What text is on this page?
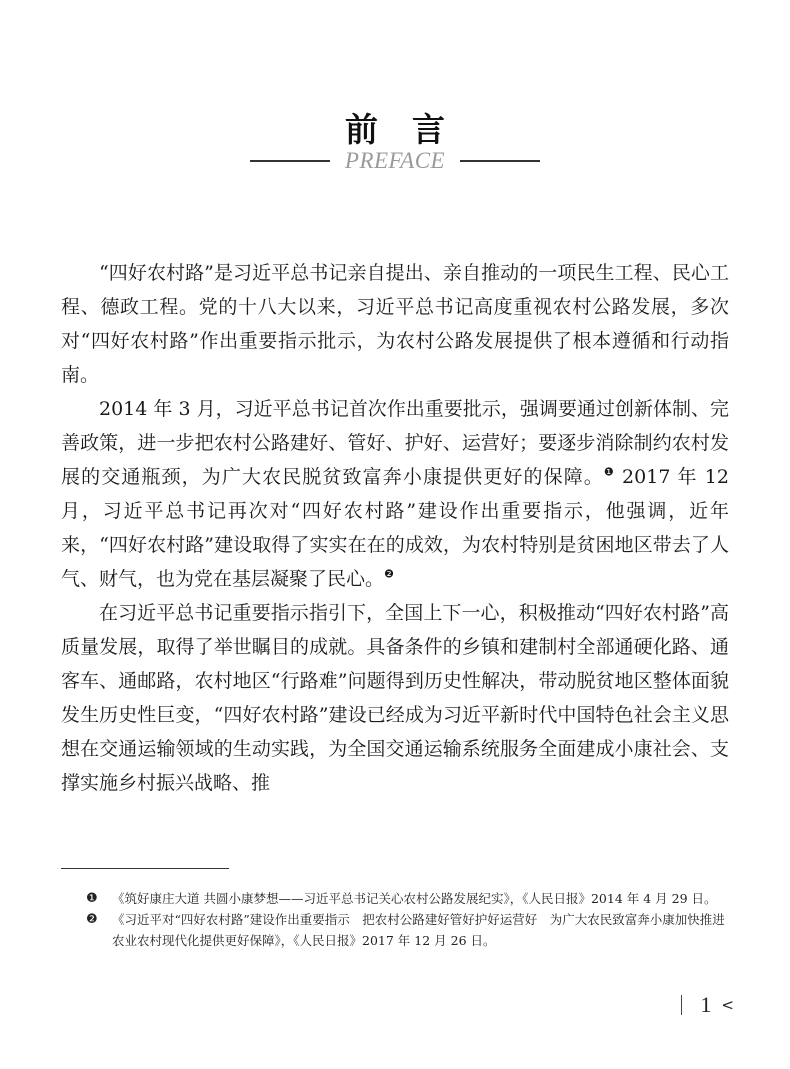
前言
PREFACE

“四好农村路”是习近平总书记亲自提出、亲自推动的一项民生工程、民心工程、德政工程。党的十八大以来，习近平总书记高度重视农村公路发展，多次对“四好农村路”作出重要指示批示，为农村公路发展提供了根本遵循和行动指南。

2014 年 3 月，习近平总书记首次作出重要批示，强调要通过创新体制、完善政策，进一步把农村公路建好、管好、护好、运营好；要逐步消除制约农村发展的交通瓶颈，为广大农民脱贫致富奔小康提供更好的保障。$^❶$ 2017 年 12 月，习近平总书记再次对“四好农村路”建设作出重要指示，他强调，近年来，“四好农村路”建设取得了实实在在的成效，为农村特别是贫困地区带去了人气、财气，也为党在基层凝聚了民心。$^❷$

在习近平总书记重要指示指引下，全国上下一心，积极推动“四好农村路”高质量发展，取得了举世瞩目的成就。具备条件的乡镇和建制村全部通硬化路、通客车、通邮路，农村地区“行路难”问题得到历史性解决，带动脱贫地区整体面貌发生历史性巨变，“四好农村路”建设已经成为习近平新时代中国特色社会主义思想在交通运输领域的生动实践，为全国交通运输系统服务全面建成小康社会、支撑实施乡村振兴战略、推

❶ 《筑好康庄大道 共圆小康梦想——习近平总书记关心农村公路发展纪实》，《人民日报》2014 年 4 月 29 日。
❷ 《习近平对“四好农村路”建设作出重要指示　把农村公路建好管好护好运营好　为广大农民致富奔小康加快推进农业农村现代化提供更好保障》，《人民日报》2017 年 12 月 26 日。
1 <
